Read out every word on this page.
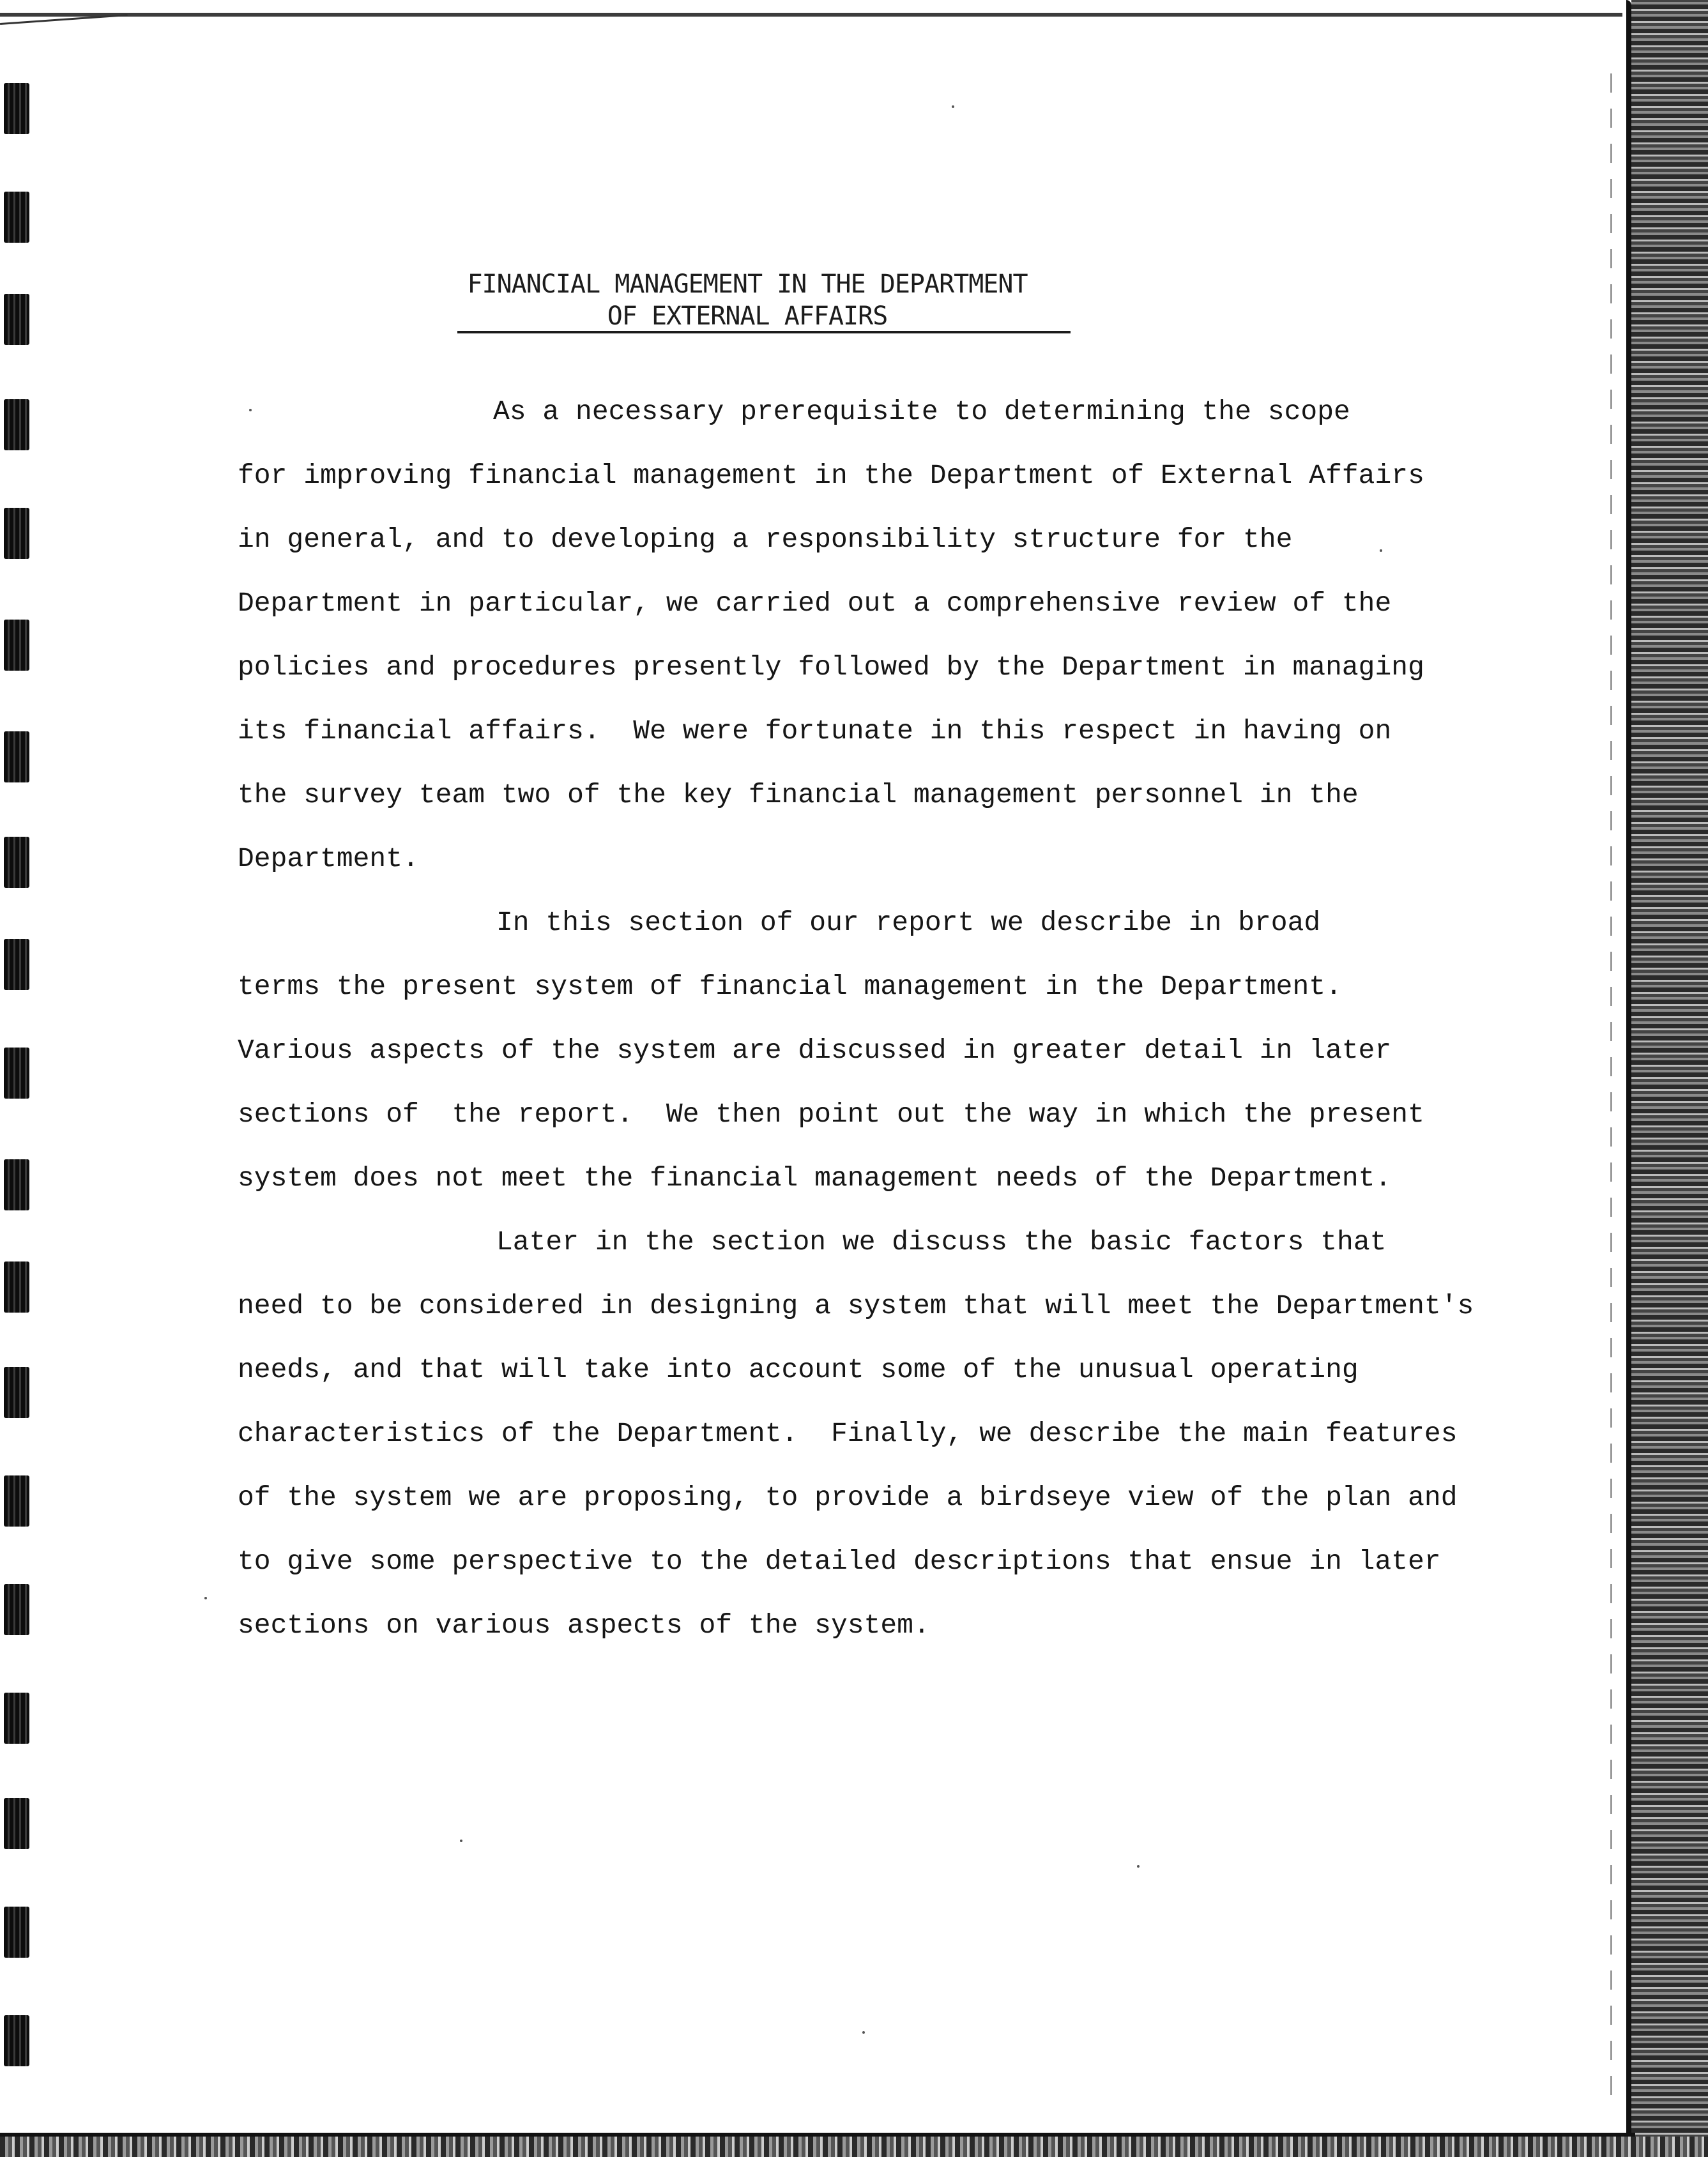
FINANCIAL MANAGEMENT IN THE DEPARTMENT
OF EXTERNAL AFFAIRS

As a necessary prerequisite to determining the scope

for improving financial management in the Department of External Affairs

in general, and to developing a responsibility structure for the

Department in particular, we carried out a comprehensive review of the

policies and procedures presently followed by the Department in managing

its financial affairs.  We were fortunate in this respect in having on

the survey team two of the key financial management personnel in the

Department.

In this section of our report we describe in broad

terms the present system of financial management in the Department.

Various aspects of the system are discussed in greater detail in later

sections of  the report.  We then point out the way in which the present

system does not meet the financial management needs of the Department.

Later in the section we discuss the basic factors that

need to be considered in designing a system that will meet the Department's

needs, and that will take into account some of the unusual operating

characteristics of the Department.  Finally, we describe the main features

of the system we are proposing, to provide a birdseye view of the plan and

to give some perspective to the detailed descriptions that ensue in later

sections on various aspects of the system.
